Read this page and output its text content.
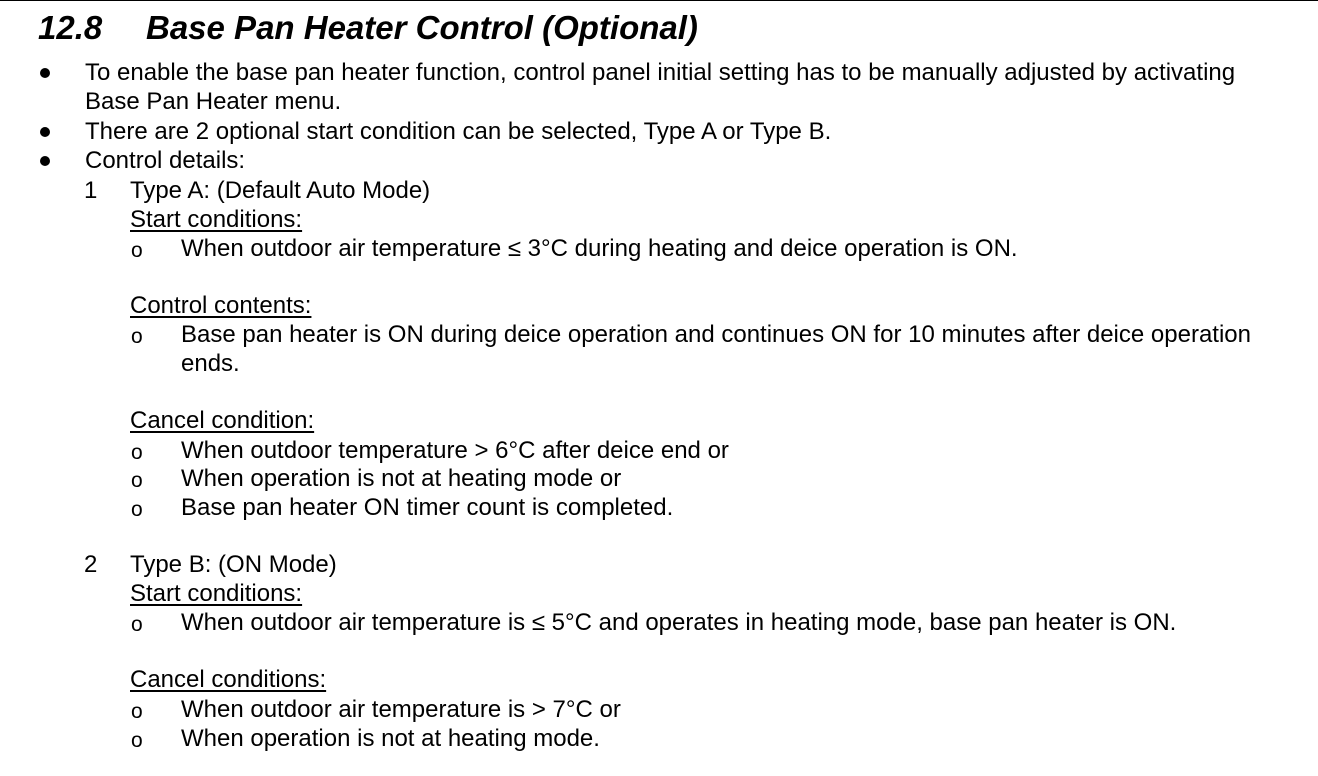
12.8 Base Pan Heater Control (Optional)
To enable the base pan heater function, control panel initial setting has to be manually adjusted by activating
Base Pan Heater menu.
There are 2 optional start condition can be selected, Type A or Type B.
Control details:
1 Type A: (Default Auto Mode)
Start conditions:
o When outdoor air temperature ≤ 3°C during heating and deice operation is ON.
Control contents:
o Base pan heater is ON during deice operation and continues ON for 10 minutes after deice operation
ends.
Cancel condition:
o When outdoor temperature > 6°C after deice end or
o When operation is not at heating mode or
o Base pan heater ON timer count is completed.
2 Type B: (ON Mode)
Start conditions:
o When outdoor air temperature is ≤ 5°C and operates in heating mode, base pan heater is ON.
Cancel conditions:
o When outdoor air temperature is > 7°C or
o When operation is not at heating mode.
